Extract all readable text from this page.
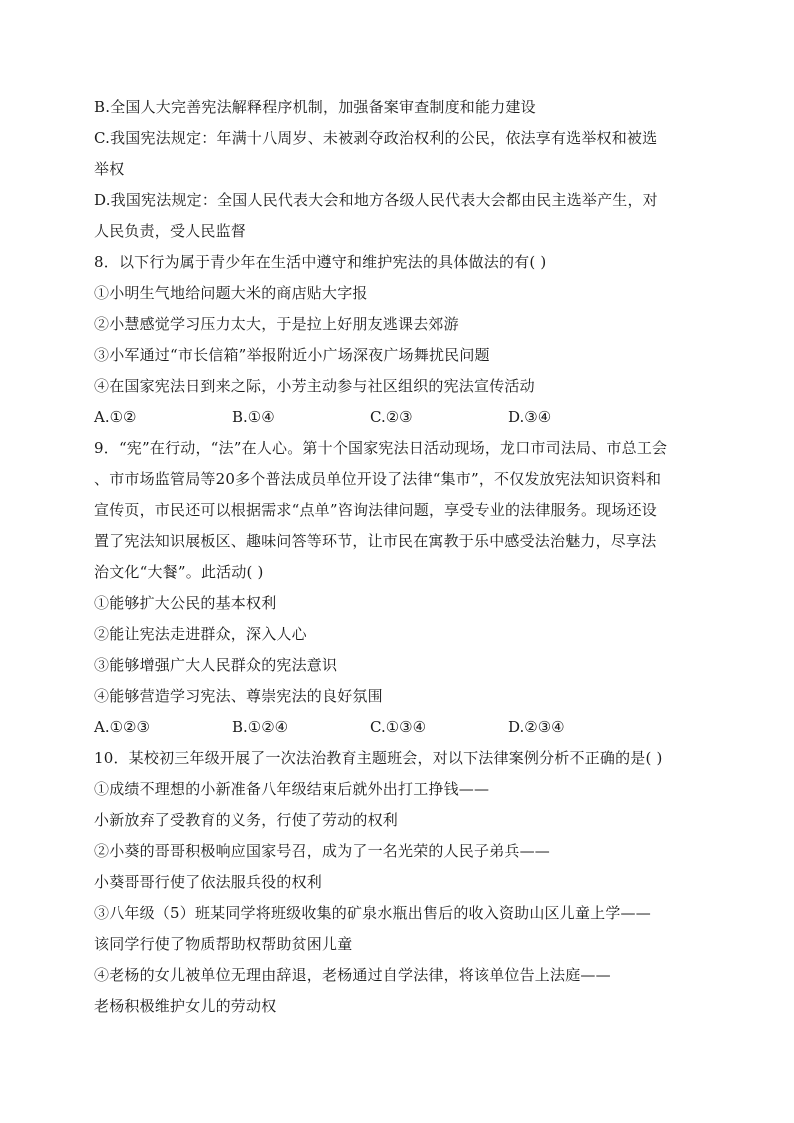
B.全国人大完善宪法解释程序机制，加强备案审查制度和能力建设
C.我国宪法规定：年满十八周岁、未被剥夺政治权利的公民，依法享有选举权和被选
举权
D.我国宪法规定：全国人民代表大会和地方各级人民代表大会都由民主选举产生，对
人民负责，受人民监督
8．以下行为属于青少年在生活中遵守和维护宪法的具体做法的有( )
①小明生气地给问题大米的商店贴大字报
②小慧感觉学习压力太大，于是拉上好朋友逃课去郊游
③小军通过“市长信箱”举报附近小广场深夜广场舞扰民问题
④在国家宪法日到来之际，小芳主动参与社区组织的宪法宣传活动
A.①②	B.①④	C.②③	D.③④
9．“宪”在行动，“法”在人心。第十个国家宪法日活动现场，龙口市司法局、市总工会
、市市场监管局等20多个普法成员单位开设了法律“集市”，不仅发放宪法知识资料和
宣传页，市民还可以根据需求“点单”咨询法律问题，享受专业的法律服务。现场还设
置了宪法知识展板区、趣味问答等环节，让市民在寓教于乐中感受法治魅力，尽享法
治文化“大餐”。此活动( )
①能够扩大公民的基本权利
②能让宪法走进群众，深入人心
③能够增强广大人民群众的宪法意识
④能够营造学习宪法、尊崇宪法的良好氛围
A.①②③	B.①②④	C.①③④	D.②③④
10．某校初三年级开展了一次法治教育主题班会，对以下法律案例分析不正确的是( )
①成绩不理想的小新准备八年级结束后就外出打工挣钱——
小新放弃了受教育的义务，行使了劳动的权利
②小葵的哥哥积极响应国家号召，成为了一名光荣的人民子弟兵——
小葵哥哥行使了依法服兵役的权利
③八年级（5）班某同学将班级收集的矿泉水瓶出售后的收入资助山区儿童上学——
该同学行使了物质帮助权帮助贫困儿童
④老杨的女儿被单位无理由辞退，老杨通过自学法律，将该单位告上法庭——
老杨积极维护女儿的劳动权
